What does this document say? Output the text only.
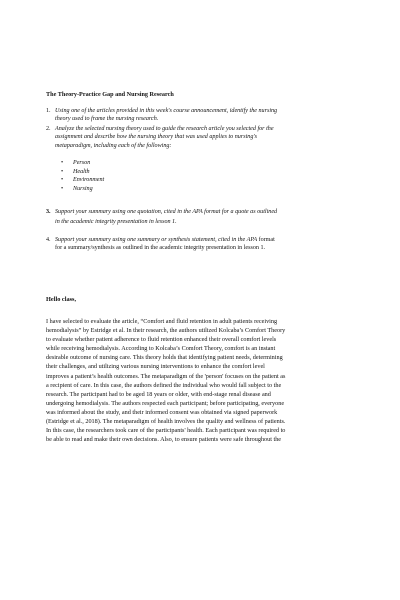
The Theory-Practice Gap and Nursing Research
1. Using one of the articles provided in this week's course announcement, identify the nursing
theory used to frame the nursing research.
2. Analyze the selected nursing theory used to guide the research article you selected for the
assignment and describe how the nursing theory that was used applies to nursing's
metaparadigm, including each of the following:
• Person
• Health
• Environment
• Nursing
3. Support your summary using one quotation, cited in the APA format for a quote as outlined
in the academic integrity presentation in lesson 1.
4. Support your summary using one summary or synthesis statement, cited in the APA format
for a summary/synthesis as outlined in the academic integrity presentation in lesson 1.
Hello class,
I have selected to evaluate the article, “Comfort and fluid retention in adult patients receiving
hemodialysis” by Estridge et al. In their research, the authors utilized Kolcaba’s Comfort Theory
to evaluate whether patient adherence to fluid retention enhanced their overall comfort levels
while receiving hemodialysis. According to Kolcaba’s Comfort Theory, comfort is an instant
desirable outcome of nursing care. This theory holds that identifying patient needs, determining
their challenges, and utilizing various nursing interventions to enhance the comfort level
improves a patient’s health outcomes. The metaparadigm of the 'person' focuses on the patient as
a recipient of care. In this case, the authors defined the individual who would fall subject to the
research. The participant had to be aged 18 years or older, with end-stage renal disease and
undergoing hemodialysis. The authors respected each participant; before participating, everyone
was informed about the study, and their informed consent was obtained via signed paperwork
(Estridge et al., 2018). The metaparadigm of health involves the quality and wellness of patients.
In this case, the researchers took care of the participants' health. Each participant was required to
be able to read and make their own decisions. Also, to ensure patients were safe throughout the
